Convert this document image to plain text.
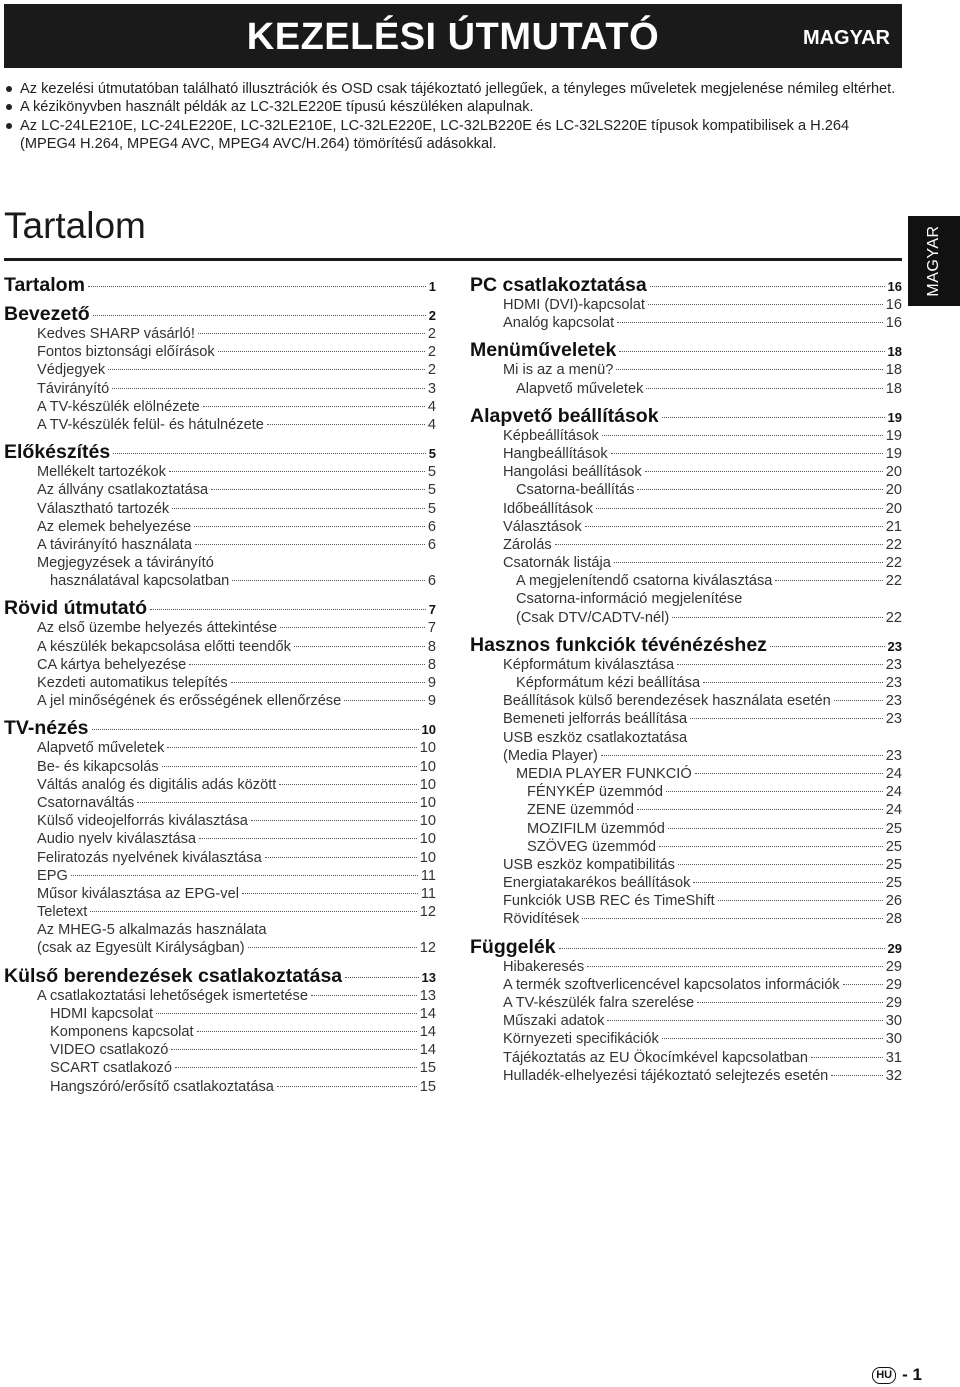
KEZELÉSI ÚTMUTATÓ	MAGYAR
Az kezelési útmutatóban található illusztrációk és OSD csak tájékoztató jellegűek, a tényleges műveletek megjelenése némileg eltérhet.
A kézikönyvben használt példák az LC-32LE220E típusú készüléken alapulnak.
Az LC-24LE210E, LC-24LE220E, LC-32LE210E, LC-32LE220E, LC-32LB220E és LC-32LS220E típusok kompatibilisek a H.264 (MPEG4 H.264, MPEG4 AVC, MPEG4 AVC/H.264) tömörítésű adásokkal.
Tartalom	MAGYAR
Tartalom	1
Bevezető	2
Kedves SHARP vásárló!	2
Fontos biztonsági előírások	2
Védjegyek	2
Távirányító	3
A TV-készülék elölnézete	4
A TV-készülék felül- és hátulnézete	4
Előkészítés	5
Mellékelt tartozékok	5
Az állvány csatlakoztatása	5
Választható tartozék	5
Az elemek behelyezése	6
A távirányító használata	6
Megjegyzések a távirányító
használatával kapcsolatban	6
Rövid útmutató	7
Az első üzembe helyezés áttekintése	7
A készülék bekapcsolása előtti teendők	8
CA kártya behelyezése	8
Kezdeti automatikus telepítés	9
A jel minőségének és erősségének ellenőrzése	9
TV-nézés	10
Alapvető műveletek	10
Be- és kikapcsolás	10
Váltás analóg és digitális adás között	10
Csatornaváltás	10
Külső videojelforrás kiválasztása	10
Audio nyelv kiválasztása	10
Feliratozás nyelvének kiválasztása	10
EPG	11
Műsor kiválasztása az EPG-vel	11
Teletext	12
Az MHEG-5 alkalmazás használata
(csak az Egyesült Királyságban)	12
Külső berendezések csatlakoztatása	13
A csatlakoztatási lehetőségek ismertetése	13
HDMI kapcsolat	14
Komponens kapcsolat	14
VIDEO csatlakozó	14
SCART csatlakozó	15
Hangszóró/erősítő csatlakoztatása	15
PC csatlakoztatása	16
HDMI (DVI)-kapcsolat	16
Analóg kapcsolat	16
Menüműveletek	18
Mi is az a menü?	18
Alapvető műveletek	18
Alapvető beállítások	19
Képbeállítások	19
Hangbeállítások	19
Hangolási beállítások	20
Csatorna-beállítás	20
Időbeállítások	20
Választások	21
Zárolás	22
Csatornák listája	22
A megjelenítendő csatorna kiválasztása	22
Csatorna-információ megjelenítése
(Csak DTV/CADTV-nél)	22
Hasznos funkciók tévénézéshez	23
Képformátum kiválasztása	23
Képformátum kézi beállítása	23
Beállítások külső berendezések használata esetén	23
Bemeneti jelforrás beállítása	23
USB eszköz csatlakoztatása
(Media Player)	23
MEDIA PLAYER FUNKCIÓ	24
FÉNYKÉP üzemmód	24
ZENE üzemmód	24
MOZIFILM üzemmód	25
SZÖVEG üzemmód	25
USB eszköz kompatibilitás	25
Energiatakarékos beállítások	25
Funkciók USB REC és TimeShift	26
Rövidítések	28
Függelék	29
Hibakeresés	29
A termék szoftverlicencével kapcsolatos információk	29
A TV-készülék falra szerelése	29
Műszaki adatok	30
Környezeti specifikációk	30
Tájékoztatás az EU Ökocímkével kapcsolatban	31
Hulladék-elhelyezési tájékoztató selejtezés esetén	32
HU - 1
